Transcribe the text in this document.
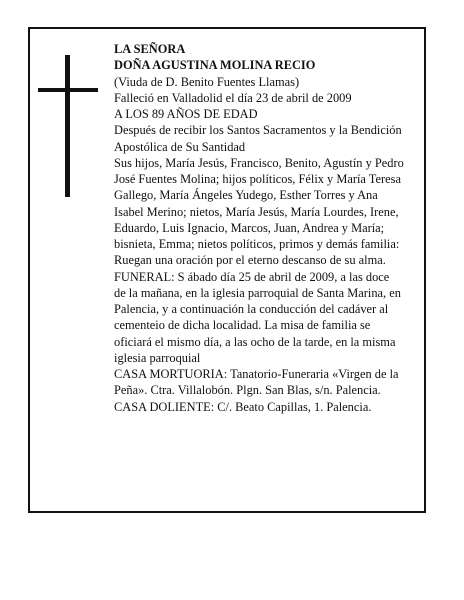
LA SEÑORA

DOÑA AGUSTINA MOLINA RECIO

(Viuda de D. Benito Fuentes Llamas)

Falleció en Valladolid el día 23 de abril de 2009

A LOS 89 AÑOS DE EDAD

Después de recibir los Santos Sacramentos y la Bendición Apostólica de Su Santidad

Sus hijos, María Jesús, Francisco, Benito, Agustín y Pedro José Fuentes Molina; hijos políticos, Félix y María Teresa Gallego, María Ángeles Yudego, Esther Torres y Ana Isabel Merino; nietos, María Jesús, María Lourdes, Irene, Eduardo, Luis Ignacio, Marcos, Juan, Andrea y María; bisnieta, Emma; nietos políticos, primos y demás familia:

Ruegan una oración por el eterno descanso de su alma.

FUNERAL: S ábado día 25 de abril de 2009, a las doce de la mañana, en la iglesia parroquial de Santa Marina, en Palencia, y a continuación la conducción del cadáver al cementeio de dicha localidad. La misa de familia se oficiará el mismo día, a las ocho de la tarde, en la misma iglesia parroquial

CASA MORTUORIA: Tanatorio-Funeraria «Virgen de la Peña». Ctra. Villalobón. Plgn. San Blas, s/n. Palencia.

CASA DOLIENTE: C/. Beato Capillas, 1. Palencia.
